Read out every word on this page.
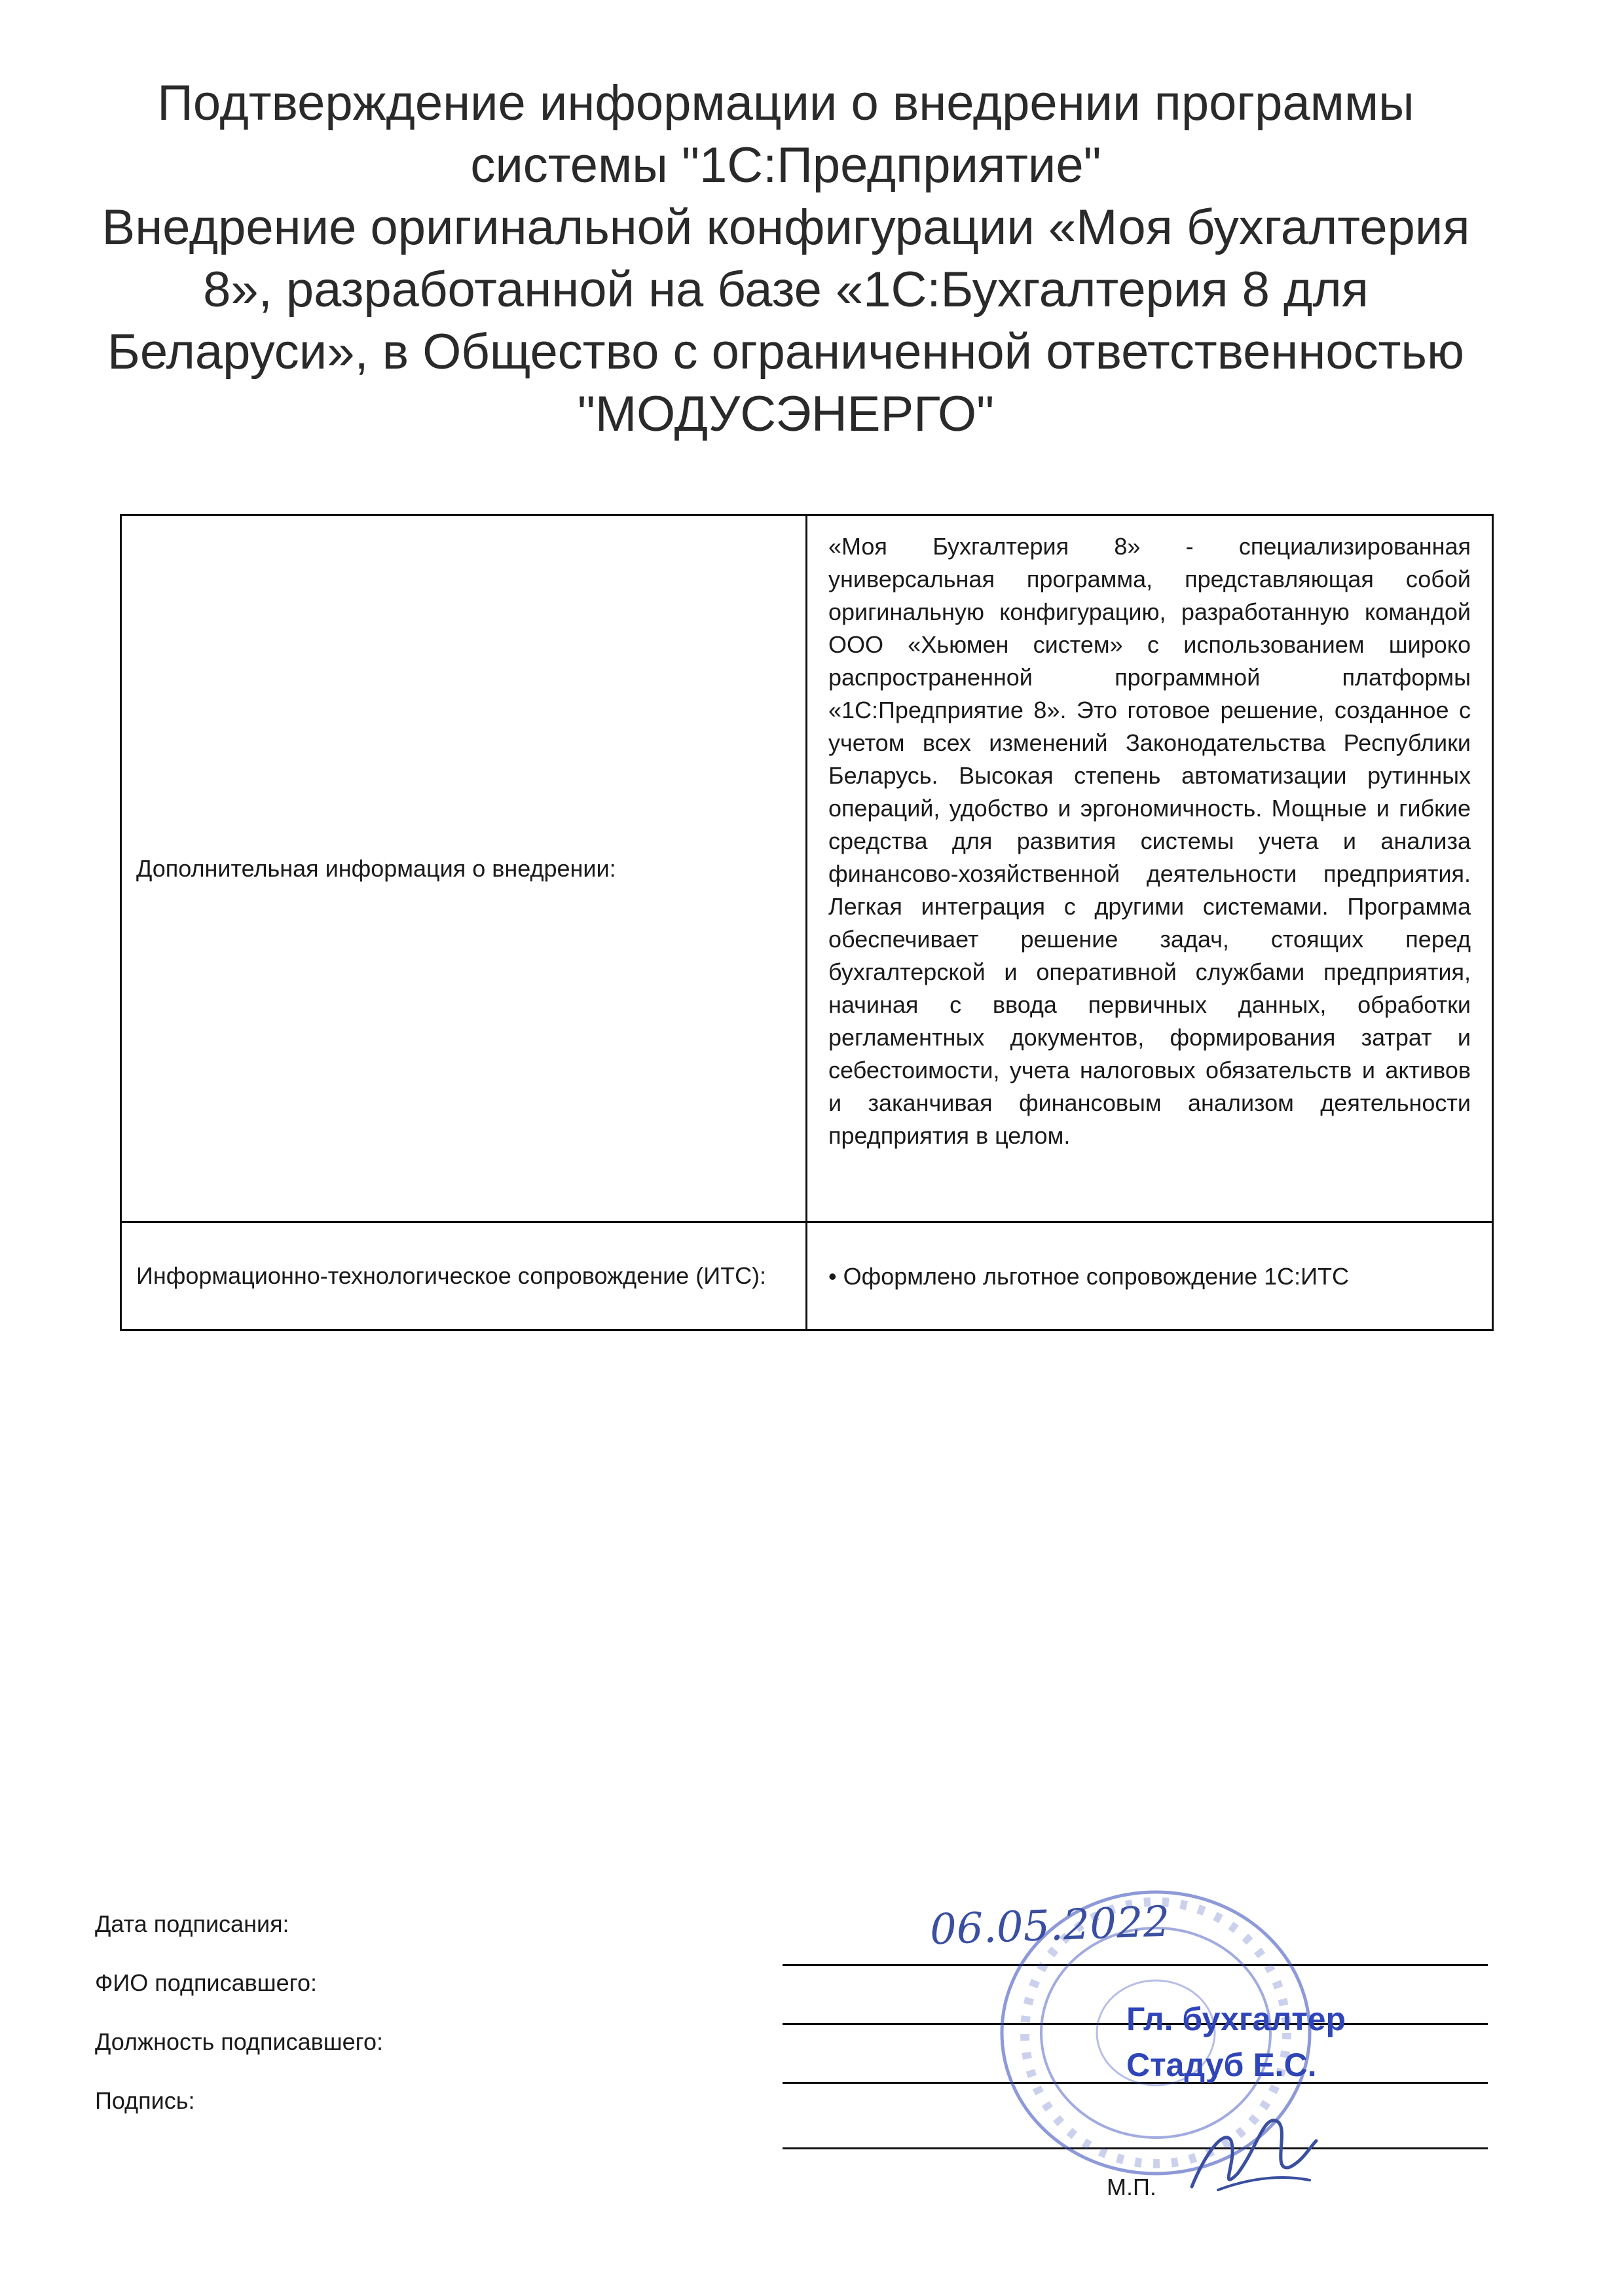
Подтверждение информации о внедрении программы
системы "1С:Предприятие"
Внедрение оригинальной конфигурации «Моя бухгалтерия
8», разработанной на базе «1С:Бухгалтерия 8 для
Беларуси», в Общество с ограниченной ответственностью
"МОДУСЭНЕРГО"
Дополнительная информация о внедрении:	«Моя Бухгалтерия 8» - специализированная универсальная программа, представляющая собой оригинальную конфигурацию, разработанную командой ООО «Хьюмен систем» с использованием широко распространенной программной платформы «1С:Предприятие 8». Это готовое решение, созданное с учетом всех изменений Законодательства Республики Беларусь. Высокая степень автоматизации рутинных операций, удобство и эргономичность. Мощные и гибкие средства для развития системы учета и анализа финансово-хозяйственной деятельности предприятия. Легкая интеграция с другими системами. Программа обеспечивает решение задач, стоящих перед бухгалтерской и оперативной службами предприятия, начиная с ввода первичных данных, обработки регламентных документов, формирования затрат и себестоимости, учета налоговых обязательств и активов и заканчивая финансовым анализом деятельности предприятия в целом.
Информационно-технологическое сопровождение (ИТС):	• Оформлено льготное сопровождение 1С:ИТС
Дата подписания:
ФИО подписавшего:
Должность подписавшего:
Подпись:
06.05.2022
Гл. бухгалтер
Стадуб Е.С.
М.П.
